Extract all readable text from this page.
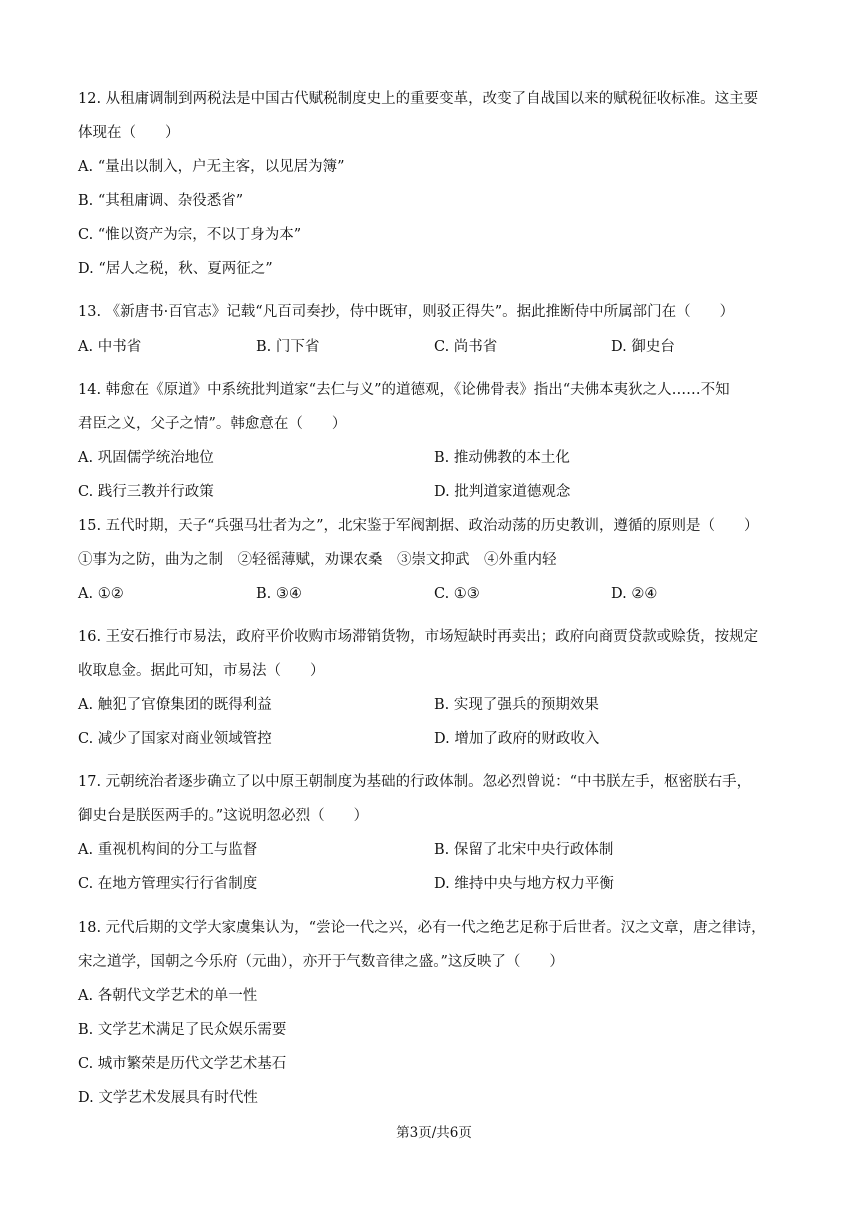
12. 从租庸调制到两税法是中国古代赋税制度史上的重要变革，改变了自战国以来的赋税征收标准。这主要
体现在（　　）
A. “量出以制入，户无主客，以见居为簿”
B. “其租庸调、杂役悉省”
C. “惟以资产为宗，不以丁身为本”
D. “居人之税，秋、夏两征之”
13. 《新唐书·百官志》记载“凡百司奏抄，侍中既审，则驳正得失”。据此推断侍中所属部门在（　　）
A. 中书省	B. 门下省	C. 尚书省	D. 御史台
14. 韩愈在《原道》中系统批判道家“去仁与义”的道德观，《论佛骨表》指出“夫佛本夷狄之人……不知
君臣之义，父子之情”。韩愈意在（　　）
A. 巩固儒学统治地位	B. 推动佛教的本土化
C. 践行三教并行政策	D. 批判道家道德观念
15. 五代时期，天子“兵强马壮者为之”，北宋鉴于军阀割据、政治动荡的历史教训，遵循的原则是（　　）
①事为之防，曲为之制　②轻徭薄赋，劝课农桑　③崇文抑武　④外重内轻
A. ①②	B. ③④	C. ①③	D. ②④
16. 王安石推行市易法，政府平价收购市场滞销货物，市场短缺时再卖出；政府向商贾贷款或赊货，按规定
收取息金。据此可知，市易法（　　）
A. 触犯了官僚集团的既得利益	B. 实现了强兵的预期效果
C. 减少了国家对商业领域管控	D. 增加了政府的财政收入
17. 元朝统治者逐步确立了以中原王朝制度为基础的行政体制。忽必烈曾说：“中书朕左手，枢密朕右手，
御史台是朕医两手的。”这说明忽必烈（　　）
A. 重视机构间的分工与监督	B. 保留了北宋中央行政体制
C. 在地方管理实行行省制度	D. 维持中央与地方权力平衡
18. 元代后期的文学大家虞集认为，“尝论一代之兴，必有一代之绝艺足称于后世者。汉之文章，唐之律诗，
宋之道学，国朝之今乐府（元曲），亦开于气数音律之盛。”这反映了（　　）
A. 各朝代文学艺术的单一性
B. 文学艺术满足了民众娱乐需要
C. 城市繁荣是历代文学艺术基石
D. 文学艺术发展具有时代性
第3页/共6页
